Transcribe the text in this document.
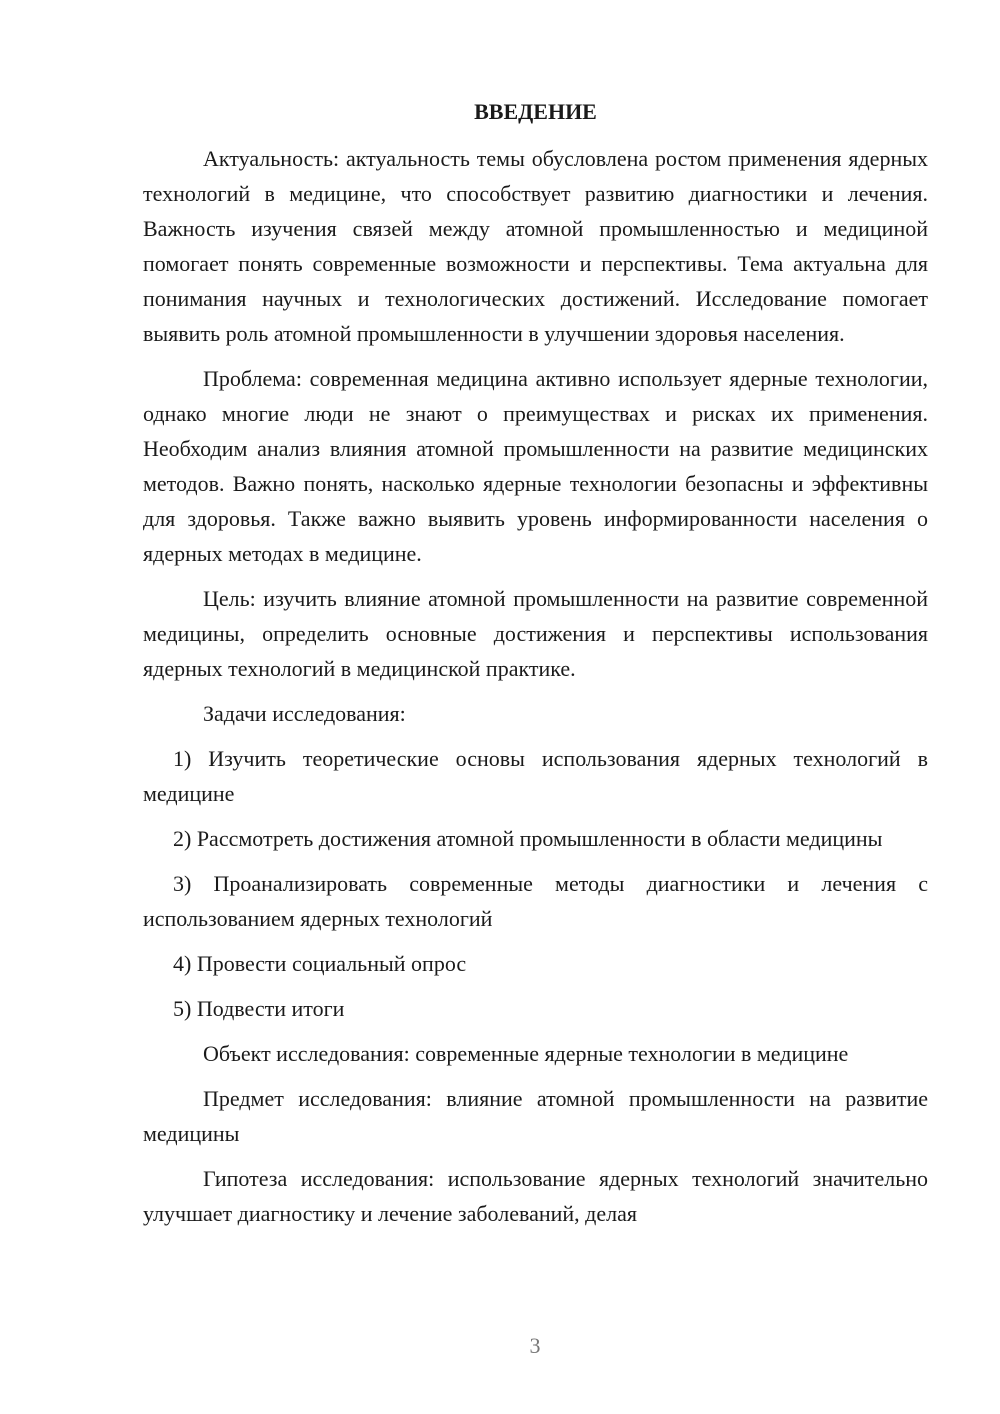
ВВЕДЕНИЕ

Актуальность: актуальность темы обусловлена ростом применения ядерных технологий в медицине, что способствует развитию диагностики и лечения. Важность изучения связей между атомной промышленностью и медициной помогает понять современные возможности и перспективы. Тема актуальна для понимания научных и технологических достижений. Исследование помогает выявить роль атомной промышленности в улучшении здоровья населения.

Проблема: современная медицина активно использует ядерные технологии, однако многие люди не знают о преимуществах и рисках их применения. Необходим анализ влияния атомной промышленности на развитие медицинских методов. Важно понять, насколько ядерные технологии безопасны и эффективны для здоровья. Также важно выявить уровень информированности населения о ядерных методах в медицине.

Цель: изучить влияние атомной промышленности на развитие современной медицины, определить основные достижения и перспективы использования ядерных технологий в медицинской практике.

Задачи исследования:

1) Изучить теоретические основы использования ядерных технологий в медицине

2) Рассмотреть достижения атомной промышленности в области медицины

3) Проанализировать современные методы диагностики и лечения с использованием ядерных технологий

4) Провести социальный опрос

5) Подвести итоги

Объект исследования: современные ядерные технологии в медицине

Предмет исследования: влияние атомной промышленности на развитие медицины

Гипотеза исследования: использование ядерных технологий значительно улучшает диагностику и лечение заболеваний, делая

3
